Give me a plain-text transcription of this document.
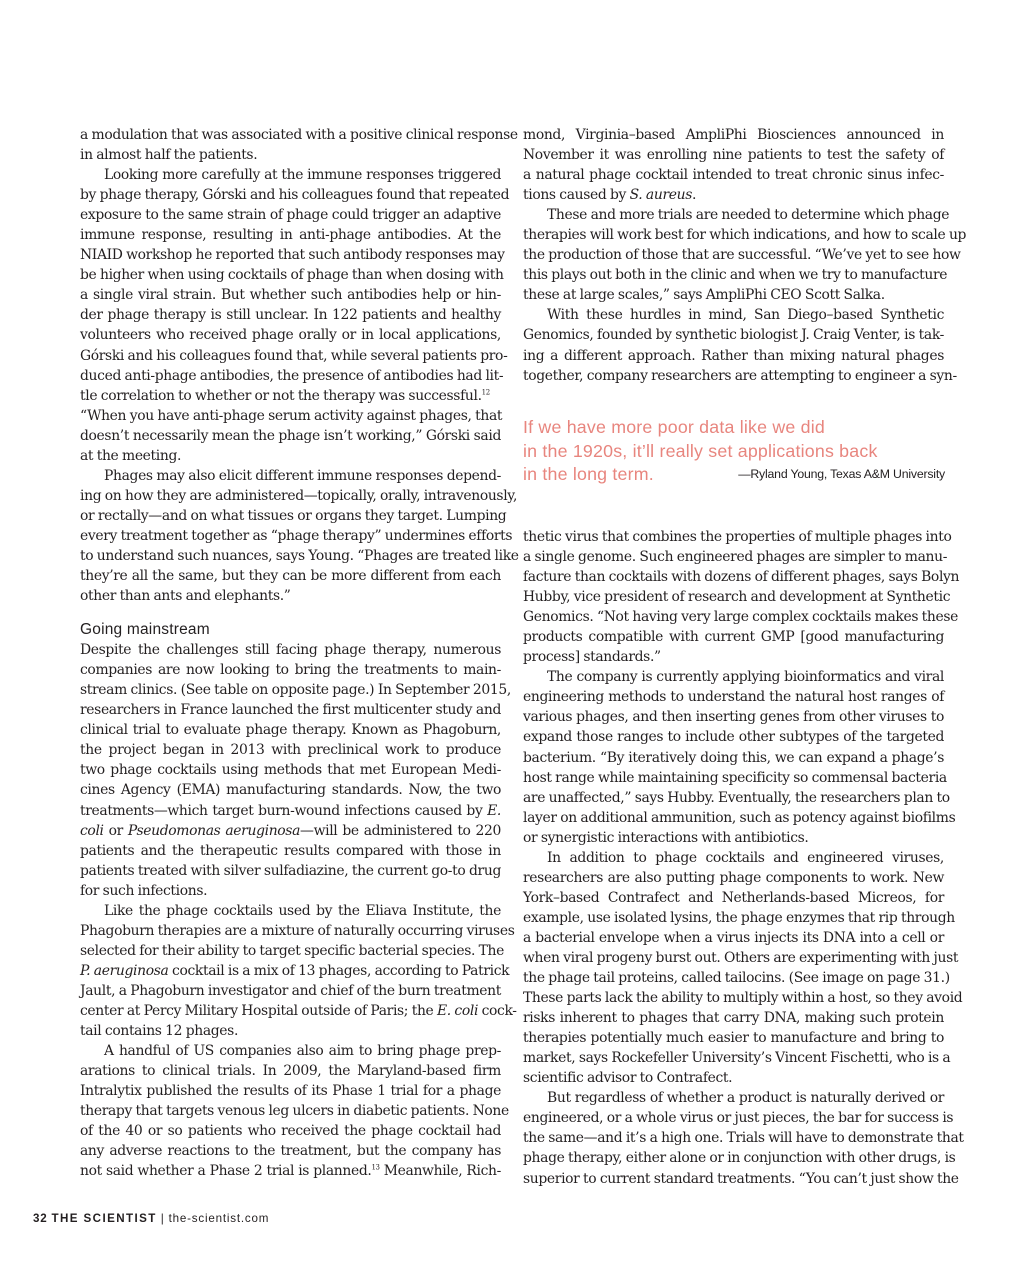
a modulation that was associated with a positive clinical response
in almost half the patients.
Looking more carefully at the immune responses triggered
by phage therapy, Górski and his colleagues found that repeated
exposure to the same strain of phage could trigger an adaptive
immune response, resulting in anti-phage antibodies. At the
NIAID workshop he reported that such antibody responses may
be higher when using cocktails of phage than when dosing with
a single viral strain. But whether such antibodies help or hin-
der phage therapy is still unclear. In 122 patients and healthy
volunteers who received phage orally or in local applications,
Górski and his colleagues found that, while several patients pro-
duced anti-phage antibodies, the presence of antibodies had lit-
tle correlation to whether or not the therapy was successful.$^{12}$
“When you have anti-phage serum activity against phages, that
doesn’t necessarily mean the phage isn’t working,” Górski said
at the meeting.
Phages may also elicit different immune responses depend-
ing on how they are administered—topically, orally, intravenously,
or rectally—and on what tissues or organs they target. Lumping
every treatment together as “phage therapy” undermines efforts
to understand such nuances, says Young. “Phages are treated like
they’re all the same, but they can be more different from each
other than ants and elephants.”
Going mainstream
Despite the challenges still facing phage therapy, numerous
companies are now looking to bring the treatments to main-
stream clinics. (See table on opposite page.) In September 2015,
researchers in France launched the first multicenter study and
clinical trial to evaluate phage therapy. Known as Phagoburn,
the project began in 2013 with preclinical work to produce
two phage cocktails using methods that met European Medi-
cines Agency (EMA) manufacturing standards. Now, the two
treatments—which target burn-wound infections caused by E.
coli or Pseudomonas aeruginosa—will be administered to 220
patients and the therapeutic results compared with those in
patients treated with silver sulfadiazine, the current go-to drug
for such infections.
Like the phage cocktails used by the Eliava Institute, the
Phagoburn therapies are a mixture of naturally occurring viruses
selected for their ability to target specific bacterial species. The
P. aeruginosa cocktail is a mix of 13 phages, according to Patrick
Jault, a Phagoburn investigator and chief of the burn treatment
center at Percy Military Hospital outside of Paris; the E. coli cock-
tail contains 12 phages.
A handful of US companies also aim to bring phage prep-
arations to clinical trials. In 2009, the Maryland-based firm
Intralytix published the results of its Phase 1 trial for a phage
therapy that targets venous leg ulcers in diabetic patients. None
of the 40 or so patients who received the phage cocktail had
any adverse reactions to the treatment, but the company has
not said whether a Phase 2 trial is planned.$^{13}$ Meanwhile, Rich-
mond, Virginia–based AmpliPhi Biosciences announced in
November it was enrolling nine patients to test the safety of
a natural phage cocktail intended to treat chronic sinus infec-
tions caused by S. aureus.
These and more trials are needed to determine which phage
therapies will work best for which indications, and how to scale up
the production of those that are successful. “We’ve yet to see how
this plays out both in the clinic and when we try to manufacture
these at large scales,” says AmpliPhi CEO Scott Salka.
With these hurdles in mind, San Diego–based Synthetic
Genomics, founded by synthetic biologist J. Craig Venter, is tak-
ing a different approach. Rather than mixing natural phages
together, company researchers are attempting to engineer a syn-
If we have more poor data like we did
in the 1920s, it’ll really set applications back
in the long term.	—Ryland Young, Texas A&M University
thetic virus that combines the properties of multiple phages into
a single genome. Such engineered phages are simpler to manu-
facture than cocktails with dozens of different phages, says Bolyn
Hubby, vice president of research and development at Synthetic
Genomics. “Not having very large complex cocktails makes these
products compatible with current GMP [good manufacturing
process] standards.”
The company is currently applying bioinformatics and viral
engineering methods to understand the natural host ranges of
various phages, and then inserting genes from other viruses to
expand those ranges to include other subtypes of the targeted
bacterium. “By iteratively doing this, we can expand a phage’s
host range while maintaining specificity so commensal bacteria
are unaffected,” says Hubby. Eventually, the researchers plan to
layer on additional ammunition, such as potency against biofilms
or synergistic interactions with antibiotics.
In addition to phage cocktails and engineered viruses,
researchers are also putting phage components to work. New
York–based Contrafect and Netherlands-based Micreos, for
example, use isolated lysins, the phage enzymes that rip through
a bacterial envelope when a virus injects its DNA into a cell or
when viral progeny burst out. Others are experimenting with just
the phage tail proteins, called tailocins. (See image on page 31.)
These parts lack the ability to multiply within a host, so they avoid
risks inherent to phages that carry DNA, making such protein
therapies potentially much easier to manufacture and bring to
market, says Rockefeller University’s Vincent Fischetti, who is a
scientific advisor to Contrafect.
But regardless of whether a product is naturally derived or
engineered, or a whole virus or just pieces, the bar for success is
the same—and it’s a high one. Trials will have to demonstrate that
phage therapy, either alone or in conjunction with other drugs, is
superior to current standard treatments. “You can’t just show the
32 THE SCIENTIST | the-scientist.com
